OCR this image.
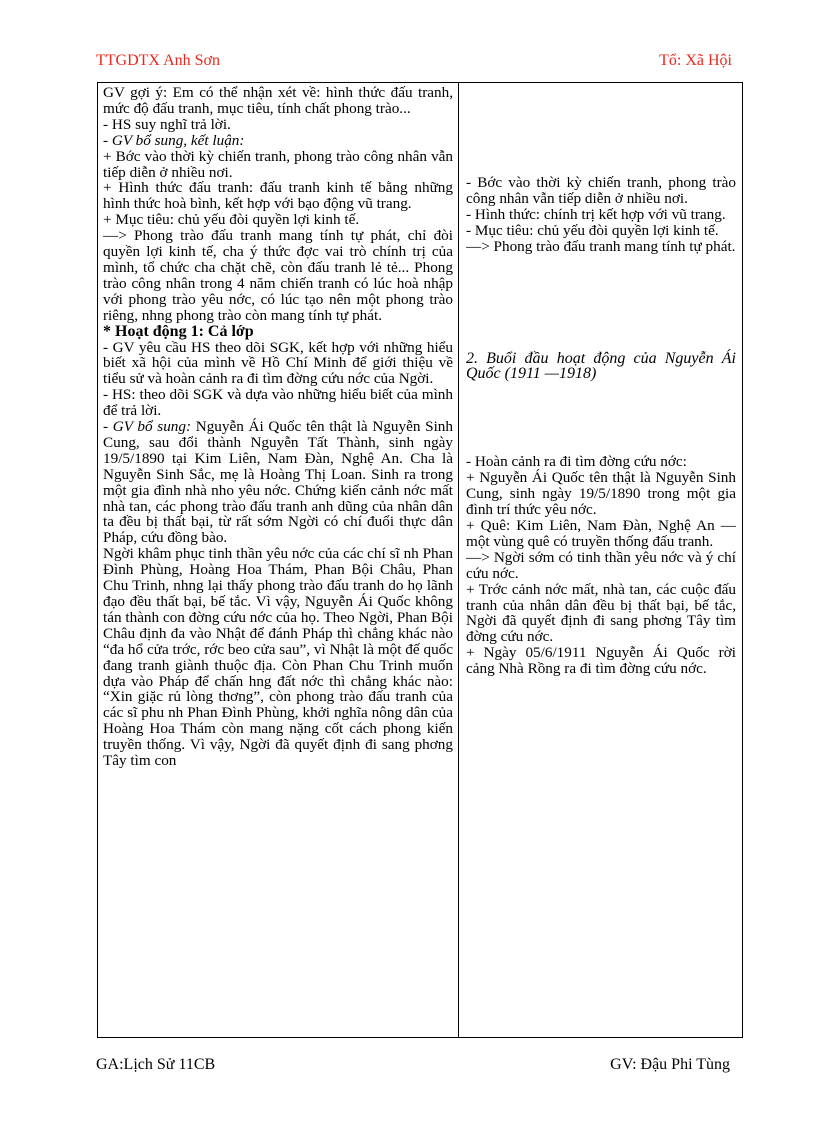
TTGDTX Anh Sơn	Tổ: Xã Hội

GV gợi ý: Em có thể nhận xét về: hình thức đấu tranh, mức độ đấu tranh, mục tiêu, tính chất phong trào...

- HS suy nghĩ trả lời.

- GV bổ sung, kết luận:

+ Bớc vào thời kỳ chiến tranh, phong trào công nhân vẫn tiếp diễn ở nhiều nơi.

+ Hình thức đấu tranh: đấu tranh kinh tế bằng những hình thức hoà bình, kết hợp với bạo động vũ trang.

+ Mục tiêu: chủ yếu đòi quyền lợi kinh tế.

—> Phong trào đấu tranh mang tính tự phát, chỉ đòi quyền lợi kinh tế, cha ý thức đợc vai trò chính trị của mình, tổ chức cha chặt chẽ, còn đấu tranh lẻ tẻ... Phong trào công nhân trong 4 năm chiến tranh có lúc hoà nhập với phong trào yêu nớc, có lúc tạo nên một phong trào riêng, nhng phong trào còn mang tính tự phát.

* Hoạt động 1: Cả lớp

- GV yêu cầu HS theo dõi SGK, kết hợp với những hiểu biết xã hội của mình về Hồ Chí Minh để giới thiệu về tiểu sử và hoàn cảnh ra đi tìm đờng cứu nớc của Ngời.

- HS: theo dõi SGK và dựa vào những hiểu biết của mình để trả lời.

- GV bổ sung: Nguyễn Ái Quốc tên thật là Nguyễn Sinh Cung, sau đổi thành Nguyễn Tất Thành, sinh ngày 19/5/1890 tại Kim Liên, Nam Đàn, Nghệ An. Cha là Nguyễn Sinh Sắc, mẹ là Hoàng Thị Loan. Sinh ra trong một gia đình nhà nho yêu nớc. Chứng kiến cảnh nớc mất nhà tan, các phong trào đấu tranh anh dũng của nhân dân ta đều bị thất bại, từ rất sớm Ngời có chí đuổi thực dân Pháp, cứu đồng bào.

Ngời khâm phục tinh thần yêu nớc của các chí sĩ nh Phan Đình Phùng, Hoàng Hoa Thám, Phan Bội Châu, Phan Chu Trinh, nhng lại thấy phong trào đấu tranh do họ lãnh đạo đều thất bại, bế tắc. Vì vậy, Nguyễn Ái Quốc không tán thành con đờng cứu nớc của họ. Theo Ngời, Phan Bội Châu định đa vào Nhật để đánh Pháp thì chẳng khác nào “đa hổ cửa trớc, rớc beo cửa sau”, vì Nhật là một đế quốc đang tranh giành thuộc địa. Còn Phan Chu Trinh muốn dựa vào Pháp để chấn hng đất nớc thì chẳng khác nào: “Xin giặc rủ lòng thơng”, còn phong trào đấu tranh của các sĩ phu nh Phan Đình Phùng, khởi nghĩa nông dân của Hoàng Hoa Thám còn mang nặng cốt cách phong kiến truyền thống. Vì vậy, Ngời đã quyết định đi sang phơng Tây tìm con

- Bớc vào thời kỳ chiến tranh, phong trào công nhân vẫn tiếp diễn ở nhiều nơi.

- Hình thức: chính trị kết hợp với vũ trang.

- Mục tiêu: chủ yếu đòi quyền lợi kinh tế.

—> Phong trào đấu tranh mang tính tự phát.

2. Buổi đầu hoạt động của Nguyễn Ái Quốc (1911 —1918)

- Hoàn cảnh ra đi tìm đờng cứu nớc:

+ Nguyễn Ái Quốc tên thật là Nguyễn Sinh Cung, sinh ngày 19/5/1890 trong một gia đình trí thức yêu nớc.

+ Quê: Kim Liên, Nam Đàn, Nghệ An — một vùng quê có truyền thống đấu tranh.

—> Ngời sớm có tinh thần yêu nớc và ý chí cứu nớc.

+ Trớc cảnh nớc mất, nhà tan, các cuộc đấu tranh của nhân dân đều bị thất bại, bế tắc, Ngời đã quyết định đi sang phơng Tây tìm đờng cứu nớc.

+ Ngày 05/6/1911 Nguyễn Ái Quốc rời cảng Nhà Rồng ra đi tìm đờng cứu nớc.

GA:Lịch Sử 11CB	GV: Đậu Phi Tùng
